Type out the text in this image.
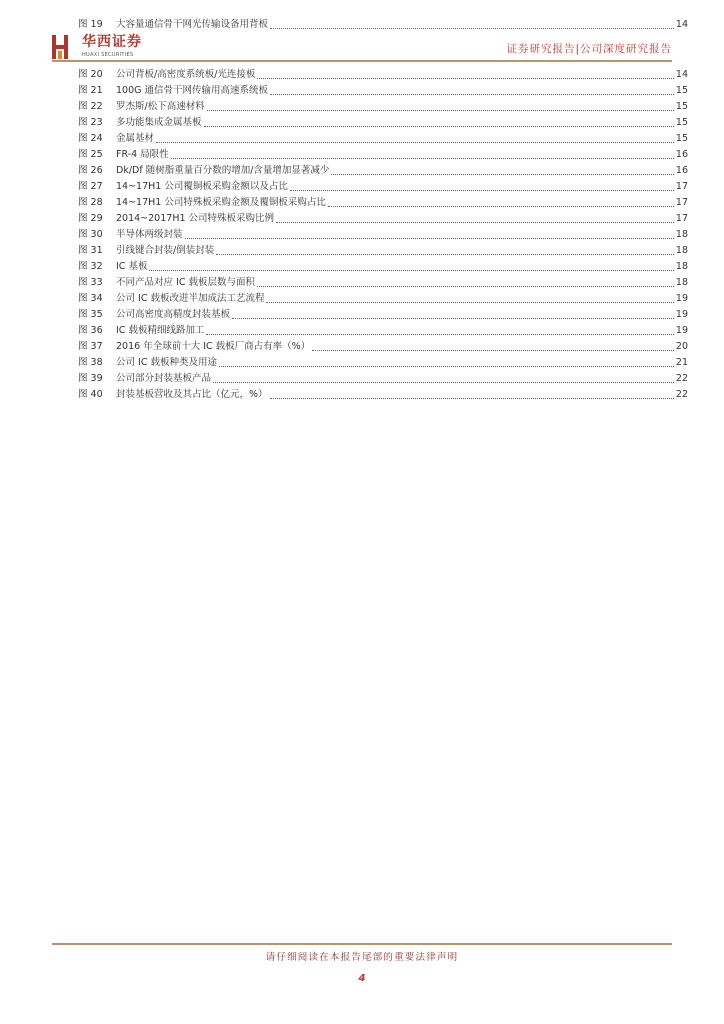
华西证券
HUAXI SECURITIES	证券研究报告|公司深度研究报告
图 19	大容量通信骨干网光传输设备用背板	14
图 20	公司背板/高密度系统板/光连接板	14
图 21	100G 通信骨干网传输用高速系统板	15
图 22	罗杰斯/松下高速材料	15
图 23	多功能集成金属基板	15
图 24	金属基材	15
图 25	FR-4 局限性	16
图 26	Dk/Df 随树脂重量百分数的增加/含量增加显著减少	16
图 27	14~17H1 公司覆铜板采购金额以及占比	17
图 28	14~17H1 公司特殊板采购金额及覆铜板采购占比	17
图 29	2014~2017H1 公司特殊板采购比例	17
图 30	半导体两级封装	18
图 31	引线键合封装/倒装封装	18
图 32	IC 基板	18
图 33	不同产品对应 IC 载板层数与面积	18
图 34	公司 IC 载板改进半加成法工艺流程	19
图 35	公司高密度高精度封装基板	19
图 36	IC 载板精细线路加工	19
图 37	2016 年全球前十大 IC 载板厂商占有率（%）	20
图 38	公司 IC 载板种类及用途	21
图 39	公司部分封装基板产品	22
图 40	封装基板营收及其占比（亿元，%）	22
请仔细阅读在本报告尾部的重要法律声明
4
